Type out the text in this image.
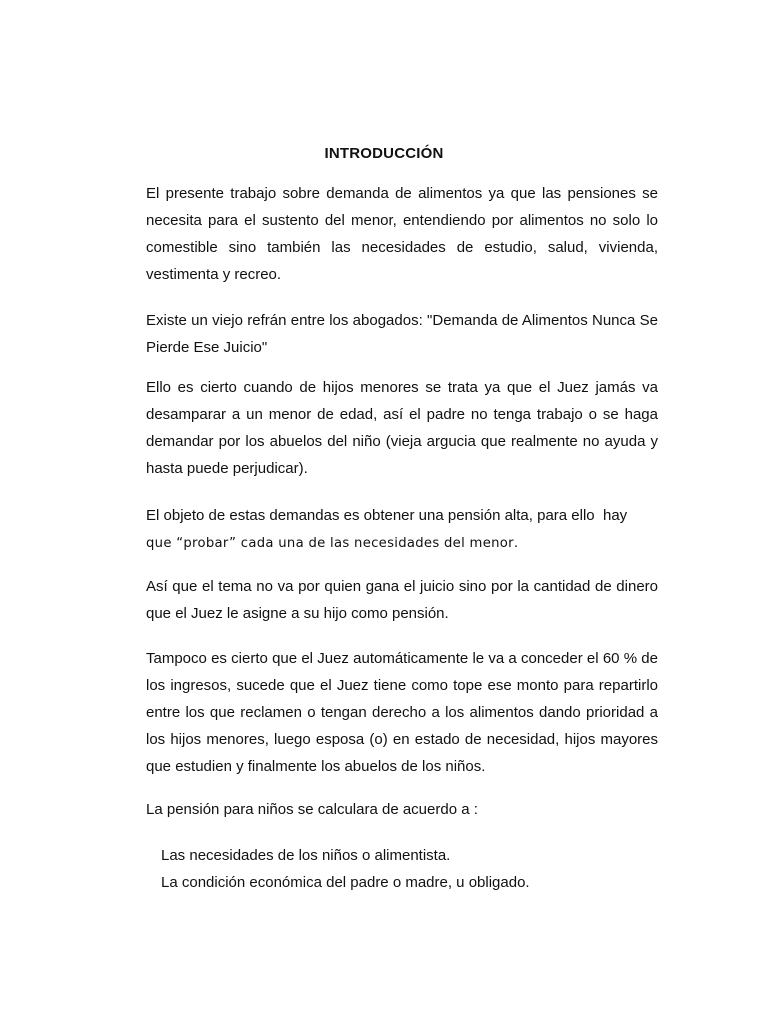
INTRODUCCIÓN

El presente trabajo sobre demanda de alimentos ya que las pensiones se necesita para el sustento del menor, entendiendo por alimentos no solo lo comestible sino también las necesidades de estudio, salud, vivienda, vestimenta y recreo.

Existe un viejo refrán entre los abogados: "Demanda de Alimentos Nunca Se Pierde Ese Juicio"

Ello es cierto cuando de hijos menores se trata ya que el Juez jamás va desamparar a un menor de edad, así el padre no tenga trabajo o se haga demandar por los abuelos del niño (vieja argucia que realmente no ayuda y hasta puede perjudicar).

El objeto de estas demandas es obtener una pensión alta, para ello  hay
que “probar” cada una de las necesidades del menor.

Así que el tema no va por quien gana el juicio sino por la cantidad de dinero que el Juez le asigne a su hijo como pensión.

Tampoco es cierto que el Juez automáticamente le va a conceder el 60 % de los ingresos, sucede que el Juez tiene como tope ese monto para repartirlo entre los que reclamen o tengan derecho a los alimentos dando prioridad a los hijos menores, luego esposa (o) en estado de necesidad, hijos mayores que estudien y finalmente los abuelos de los niños.

La pensión para niños se calculara de acuerdo a :

Las necesidades de los niños o alimentista.
La condición económica del padre o madre, u obligado.
